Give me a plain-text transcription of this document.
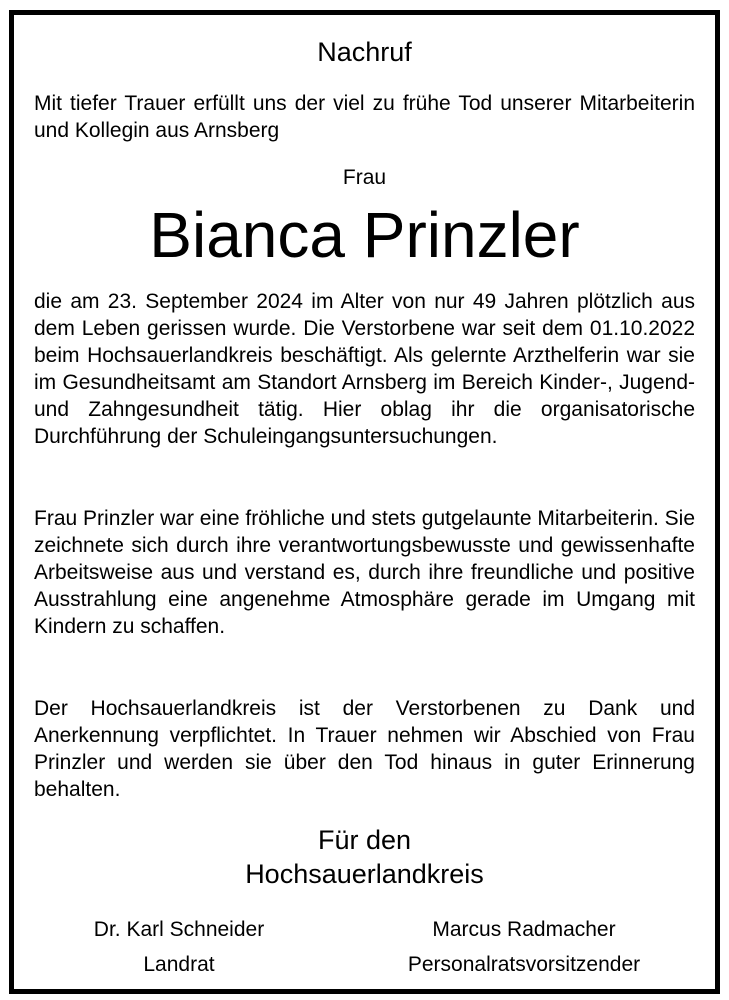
Nachruf

Mit tiefer Trauer erfüllt uns der viel zu frühe Tod unserer Mitarbeiterin und Kollegin aus Arnsberg

Frau
Bianca Prinzler

die am 23. September 2024 im Alter von nur 49 Jahren plötzlich aus dem Leben gerissen wurde. Die Verstorbene war seit dem 01.10.2022 beim Hochsauerlandkreis beschäftigt. Als gelernte Arzthelferin war sie im Gesundheitsamt am Standort Arnsberg im Bereich Kinder-, Jugend- und Zahngesundheit tätig. Hier oblag ihr die organisatorische Durchführung der Schuleingangsuntersuchungen.

Frau Prinzler war eine fröhliche und stets gutgelaunte Mitarbeiterin. Sie zeichnete sich durch ihre verantwortungsbewusste und gewissenhafte Arbeitsweise aus und verstand es, durch ihre freundliche und positive Ausstrahlung eine angenehme Atmosphäre gerade im Umgang mit Kindern zu schaffen.

Der Hochsauerlandkreis ist der Verstorbenen zu Dank und Anerkennung verpflichtet. In Trauer nehmen wir Abschied von Frau Prinzler und werden sie über den Tod hinaus in guter Erinnerung behalten.

Für den
Hochsauerlandkreis
Dr. Karl Schneider
Landrat
Marcus Radmacher
Personalratsvorsitzender
